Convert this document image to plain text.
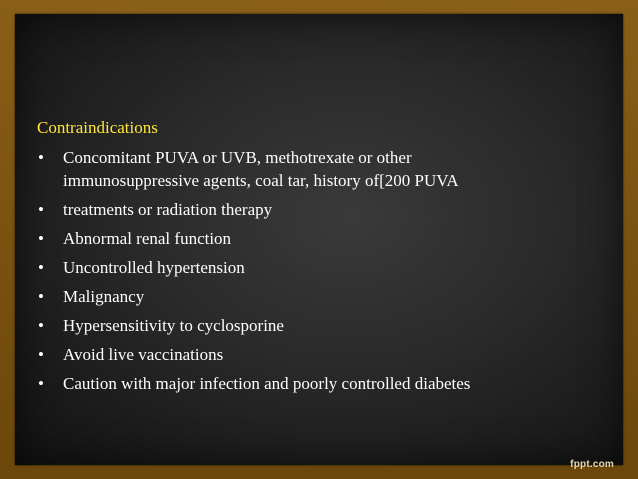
Contraindications
• Concomitant PUVA or UVB, methotrexate or other
immunosuppressive agents, coal tar, history of[200 PUVA
• treatments or radiation therapy
• Abnormal renal function
• Uncontrolled hypertension
• Malignancy
• Hypersensitivity to cyclosporine
• Avoid live vaccinations
• Caution with major infection and poorly controlled diabetes
fppt.com
